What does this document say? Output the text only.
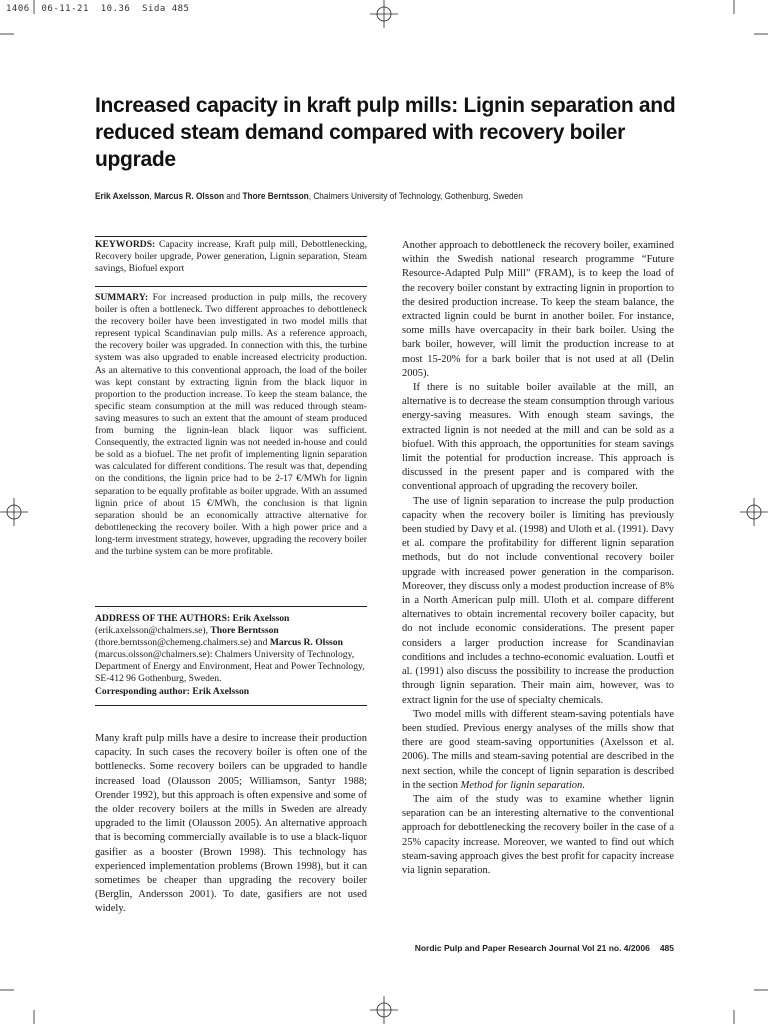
1406  06-11-21  10.36  Sida 485
Increased capacity in kraft pulp mills: Lignin separation and reduced steam demand compared with recovery boiler upgrade
Erik Axelsson, Marcus R. Olsson and Thore Berntsson, Chalmers University of Technology, Gothenburg, Sweden

KEYWORDS: Capacity increase, Kraft pulp mill, Debottlenecking, Recovery boiler upgrade, Power generation, Lignin separation, Steam savings, Biofuel export

SUMMARY: For increased production in pulp mills, the recovery boiler is often a bottleneck. Two different approaches to debottleneck the recovery boiler have been investigated in two model mills that represent typical Scandinavian pulp mills. As a reference approach, the recovery boiler was upgraded. In connection with this, the turbine system was also upgraded to enable increased electricity production. As an alternative to this conventional approach, the load of the boiler was kept constant by extracting lignin from the black liquor in proportion to the production increase. To keep the steam balance, the specific steam consumption at the mill was reduced through steam-saving measures to such an extent that the amount of steam produced from burning the lignin-lean black liquor was sufficient. Consequently, the extracted lignin was not needed in-house and could be sold as a biofuel. The net profit of implementing lignin separation was calculated for different conditions. The result was that, depending on the conditions, the lignin price had to be 2-17 €/MWh for lignin separation to be equally profitable as boiler upgrade. With an assumed lignin price of about 15 €/MWh, the conclusion is that lignin separation should be an economically attractive alternative for debottlenecking the recovery boiler. With a high power price and a long-term investment strategy, however, upgrading the recovery boiler and the turbine system can be more profitable.

ADDRESS OF THE AUTHORS: Erik Axelsson (erik.axelsson@chalmers.se), Thore Berntsson (thore.berntsson@chemeng.chalmers.se) and Marcus R. Olsson (marcus.olsson@chalmers.se): Chalmers University of Technology, Department of Energy and Environment, Heat and Power Technology, SE-412 96 Gothenburg, Sweden.

Corresponding author: Erik Axelsson

Many kraft pulp mills have a desire to increase their production capacity. In such cases the recovery boiler is often one of the bottlenecks. Some recovery boilers can be upgraded to handle increased load (Olausson 2005; Williamson, Santyr 1988; Orender 1992), but this approach is often expensive and some of the older recovery boilers at the mills in Sweden are already upgraded to the limit (Olausson 2005). An alternative approach that is becoming commercially available is to use a black-liquor gasifier as a booster (Brown 1998). This technology has experienced implementation problems (Brown 1998), but it can sometimes be cheaper than upgrading the recovery boiler (Berglin, Andersson 2001). To date, gasifiers are not used widely.

Another approach to debottleneck the recovery boiler, examined within the Swedish national research programme “Future Resource-Adapted Pulp Mill” (FRAM), is to keep the load of the recovery boiler constant by extracting lignin in proportion to the desired production increase. To keep the steam balance, the extracted lignin could be burnt in another boiler. For instance, some mills have overcapacity in their bark boiler. Using the bark boiler, however, will limit the production increase to at most 15-20% for a bark boiler that is not used at all (Delin 2005).

If there is no suitable boiler available at the mill, an alternative is to decrease the steam consumption through various energy-saving measures. With enough steam savings, the extracted lignin is not needed at the mill and can be sold as a biofuel. With this approach, the opportunities for steam savings limit the potential for production increase. This approach is discussed in the present paper and is compared with the conventional approach of upgrading the recovery boiler.

The use of lignin separation to increase the pulp production capacity when the recovery boiler is limiting has previously been studied by Davy et al. (1998) and Uloth et al. (1991). Davy et al. compare the profitability for different lignin separation methods, but do not include conventional recovery boiler upgrade with increased power generation in the comparison. Moreover, they discuss only a modest production increase of 8% in a North American pulp mill. Uloth et al. compare different alternatives to obtain incremental recovery boiler capacity, but do not include economic considerations. The present paper considers a larger production increase for Scandinavian conditions and includes a techno-economic evaluation. Loutfi et al. (1991) also discuss the possibility to increase the production through lignin separation. Their main aim, however, was to extract lignin for the use of specialty chemicals.

Two model mills with different steam-saving potentials have been studied. Previous energy analyses of the mills show that there are good steam-saving opportunities (Axelsson et al. 2006). The mills and steam-saving potential are described in the next section, while the concept of lignin separation is described in the section Method for lignin separation.

The aim of the study was to examine whether lignin separation can be an interesting alternative to the conventional approach for debottlenecking the recovery boiler in the case of a 25% capacity increase. Moreover, we wanted to find out which steam-saving approach gives the best profit for capacity increase via lignin separation.

Nordic Pulp and Paper Research Journal Vol 21 no. 4/2006 485
